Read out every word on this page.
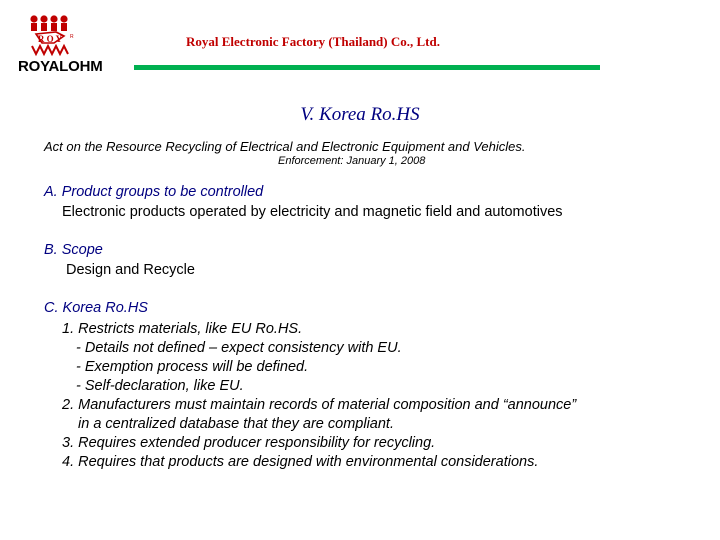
R O Y R
ROYALOHM
Royal Electronic Factory (Thailand) Co., Ltd.
V. Korea Ro.HS
Act on the Resource Recycling of Electrical and Electronic Equipment and Vehicles.
Enforcement: January 1, 2008
A. Product groups to be controlled
Electronic products operated by electricity and magnetic field and automotives
B. Scope
Design and Recycle
C. Korea Ro.HS
1. Restricts materials, like EU Ro.HS.
- Details not defined – expect consistency with EU.
- Exemption process will be defined.
- Self-declaration, like EU.
2. Manufacturers must maintain records of material composition and “announce”
in a centralized database that they are compliant.
3. Requires extended producer responsibility for recycling.
4. Requires that products are designed with environmental considerations.
